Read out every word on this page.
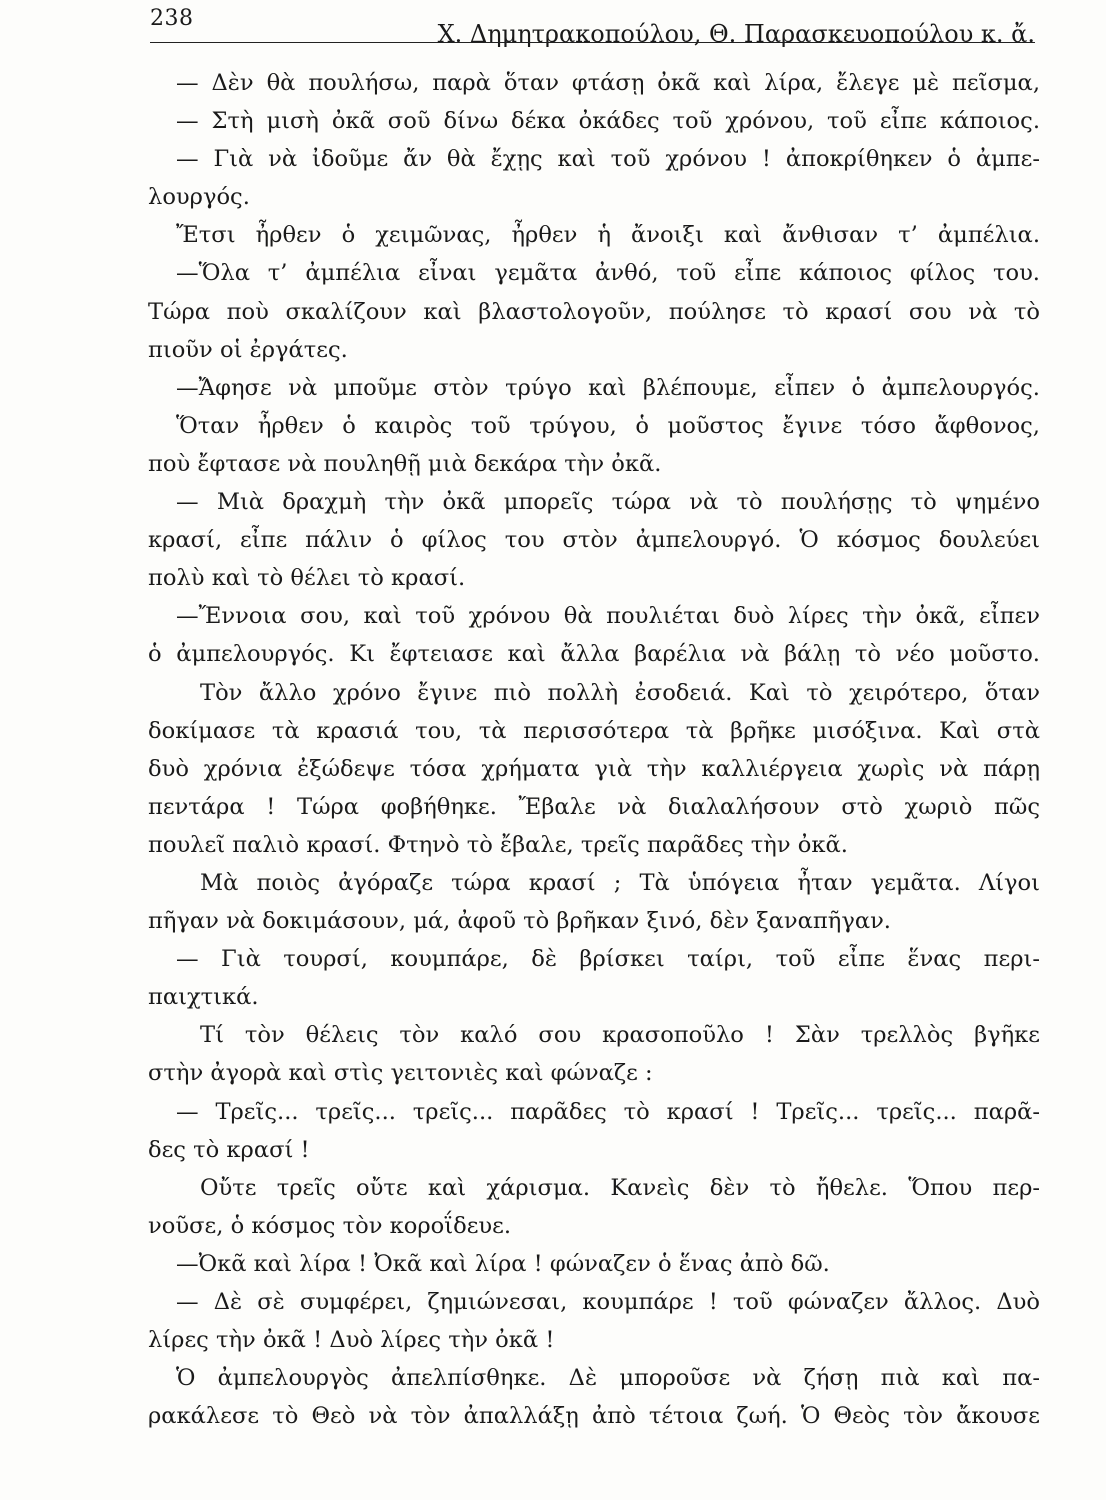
238
Χ. Δημητρακοπούλου, Θ. Παρασκευοπούλου κ. ἄ.
— Δὲν θὰ πουλήσω, παρὰ ὅταν φτάσῃ ὀκᾶ καὶ λίρα, ἔλεγε μὲ πεῖσμα,
— Στὴ μισὴ ὀκᾶ σοῦ δίνω δέκα ὀκάδες τοῦ χρόνου, τοῦ εἶπε κάποιος.
— Γιὰ νὰ ἰδοῦμε ἄν θὰ ἔχῃς καὶ τοῦ χρόνου ! ἀποκρίθηκεν ὁ ἀμπε-
λουργός.
Ἔτσι ἦρθεν ὁ χειμῶνας, ἦρθεν ἡ ἄνοιξι καὶ ἄνθισαν τ’ ἀμπέλια.
—Ὅλα τ’ ἀμπέλια εἶναι γεμᾶτα ἀνθό, τοῦ εἶπε κάποιος φίλος του.
Τώρα ποὺ σκαλίζουν καὶ βλαστολογοῦν, πούλησε τὸ κρασί σου νὰ τὸ
πιοῦν οἱ ἐργάτες.
—Ἄφησε νὰ μποῦμε στὸν τρύγο καὶ βλέπουμε, εἶπεν ὁ ἀμπελουργός.
Ὅταν ἦρθεν ὁ καιρὸς τοῦ τρύγου, ὁ μοῦστος ἔγινε τόσο ἄφθονος,
ποὺ ἔφτασε νὰ πουληθῇ μιὰ δεκάρα τὴν ὀκᾶ.
— Μιὰ δραχμὴ τὴν ὀκᾶ μπορεῖς τώρα νὰ τὸ πουλήσῃς τὸ ψημένο
κρασί, εἶπε πάλιν ὁ φίλος του στὸν ἀμπελουργό. Ὁ κόσμος δουλεύει
πολὺ καὶ τὸ θέλει τὸ κρασί.
—Ἔννοια σου, καὶ τοῦ χρόνου θὰ πουλιέται δυὸ λίρες τὴν ὀκᾶ, εἶπεν
ὁ ἀμπελουργός. Κι ἔφτειασε καὶ ἄλλα βαρέλια νὰ βάλῃ τὸ νέο μοῦστο.
Τὸν ἄλλο χρόνο ἔγινε πιὸ πολλὴ ἐσοδειά. Καὶ τὸ χειρότερο, ὅταν
δοκίμασε τὰ κρασιά του, τὰ περισσότερα τὰ βρῆκε μισόξινα. Καὶ στὰ
δυὸ χρόνια ἐξώδεψε τόσα χρήματα γιὰ τὴν καλλιέργεια χωρὶς νὰ πάρῃ
πεντάρα ! Τώρα φοβήθηκε. Ἔβαλε νὰ διαλαλήσουν στὸ χωριὸ πῶς
πουλεῖ παλιὸ κρασί. Φτηνὸ τὸ ἔβαλε, τρεῖς παρᾶδες τὴν ὀκᾶ.
Μὰ ποιὸς ἀγόραζε τώρα κρασί ; Τὰ ὑπόγεια ἦταν γεμᾶτα. Λίγοι
πῆγαν νὰ δοκιμάσουν, μά, ἀφοῦ τὸ βρῆκαν ξινό, δὲν ξαναπῆγαν.
— Γιὰ τουρσί, κουμπάρε, δὲ βρίσκει ταίρι, τοῦ εἶπε ἕνας περι-
παιχτικά.
Τί τὸν θέλεις τὸν καλό σου κρασοποῦλο ! Σὰν τρελλὸς βγῆκε
στὴν ἀγορὰ καὶ στὶς γειτονιὲς καὶ φώναζε :
— Τρεῖς... τρεῖς... τρεῖς... παρᾶδες τὸ κρασί ! Τρεῖς... τρεῖς... παρᾶ-
δες τὸ κρασί !
Οὔτε τρεῖς οὔτε καὶ χάρισμα. Κανεὶς δὲν τὸ ἤθελε. Ὅπου περ-
νοῦσε, ὁ κόσμος τὸν κοροΐδευε.
—Ὀκᾶ καὶ λίρα ! Ὀκᾶ καὶ λίρα ! φώναζεν ὁ ἕνας ἀπὸ δῶ.
— Δὲ σὲ συμφέρει, ζημιώνεσαι, κουμπάρε ! τοῦ φώναζεν ἄλλος. Δυὸ
λίρες τὴν ὀκᾶ ! Δυὸ λίρες τὴν ὀκᾶ !
Ὁ ἀμπελουργὸς ἀπελπίσθηκε. Δὲ μποροῦσε νὰ ζήσῃ πιὰ καὶ πα-
ρακάλεσε τὸ Θεὸ νὰ τὸν ἀπαλλάξῃ ἀπὸ τέτοια ζωή. Ὁ Θεὸς τὸν ἄκουσε
